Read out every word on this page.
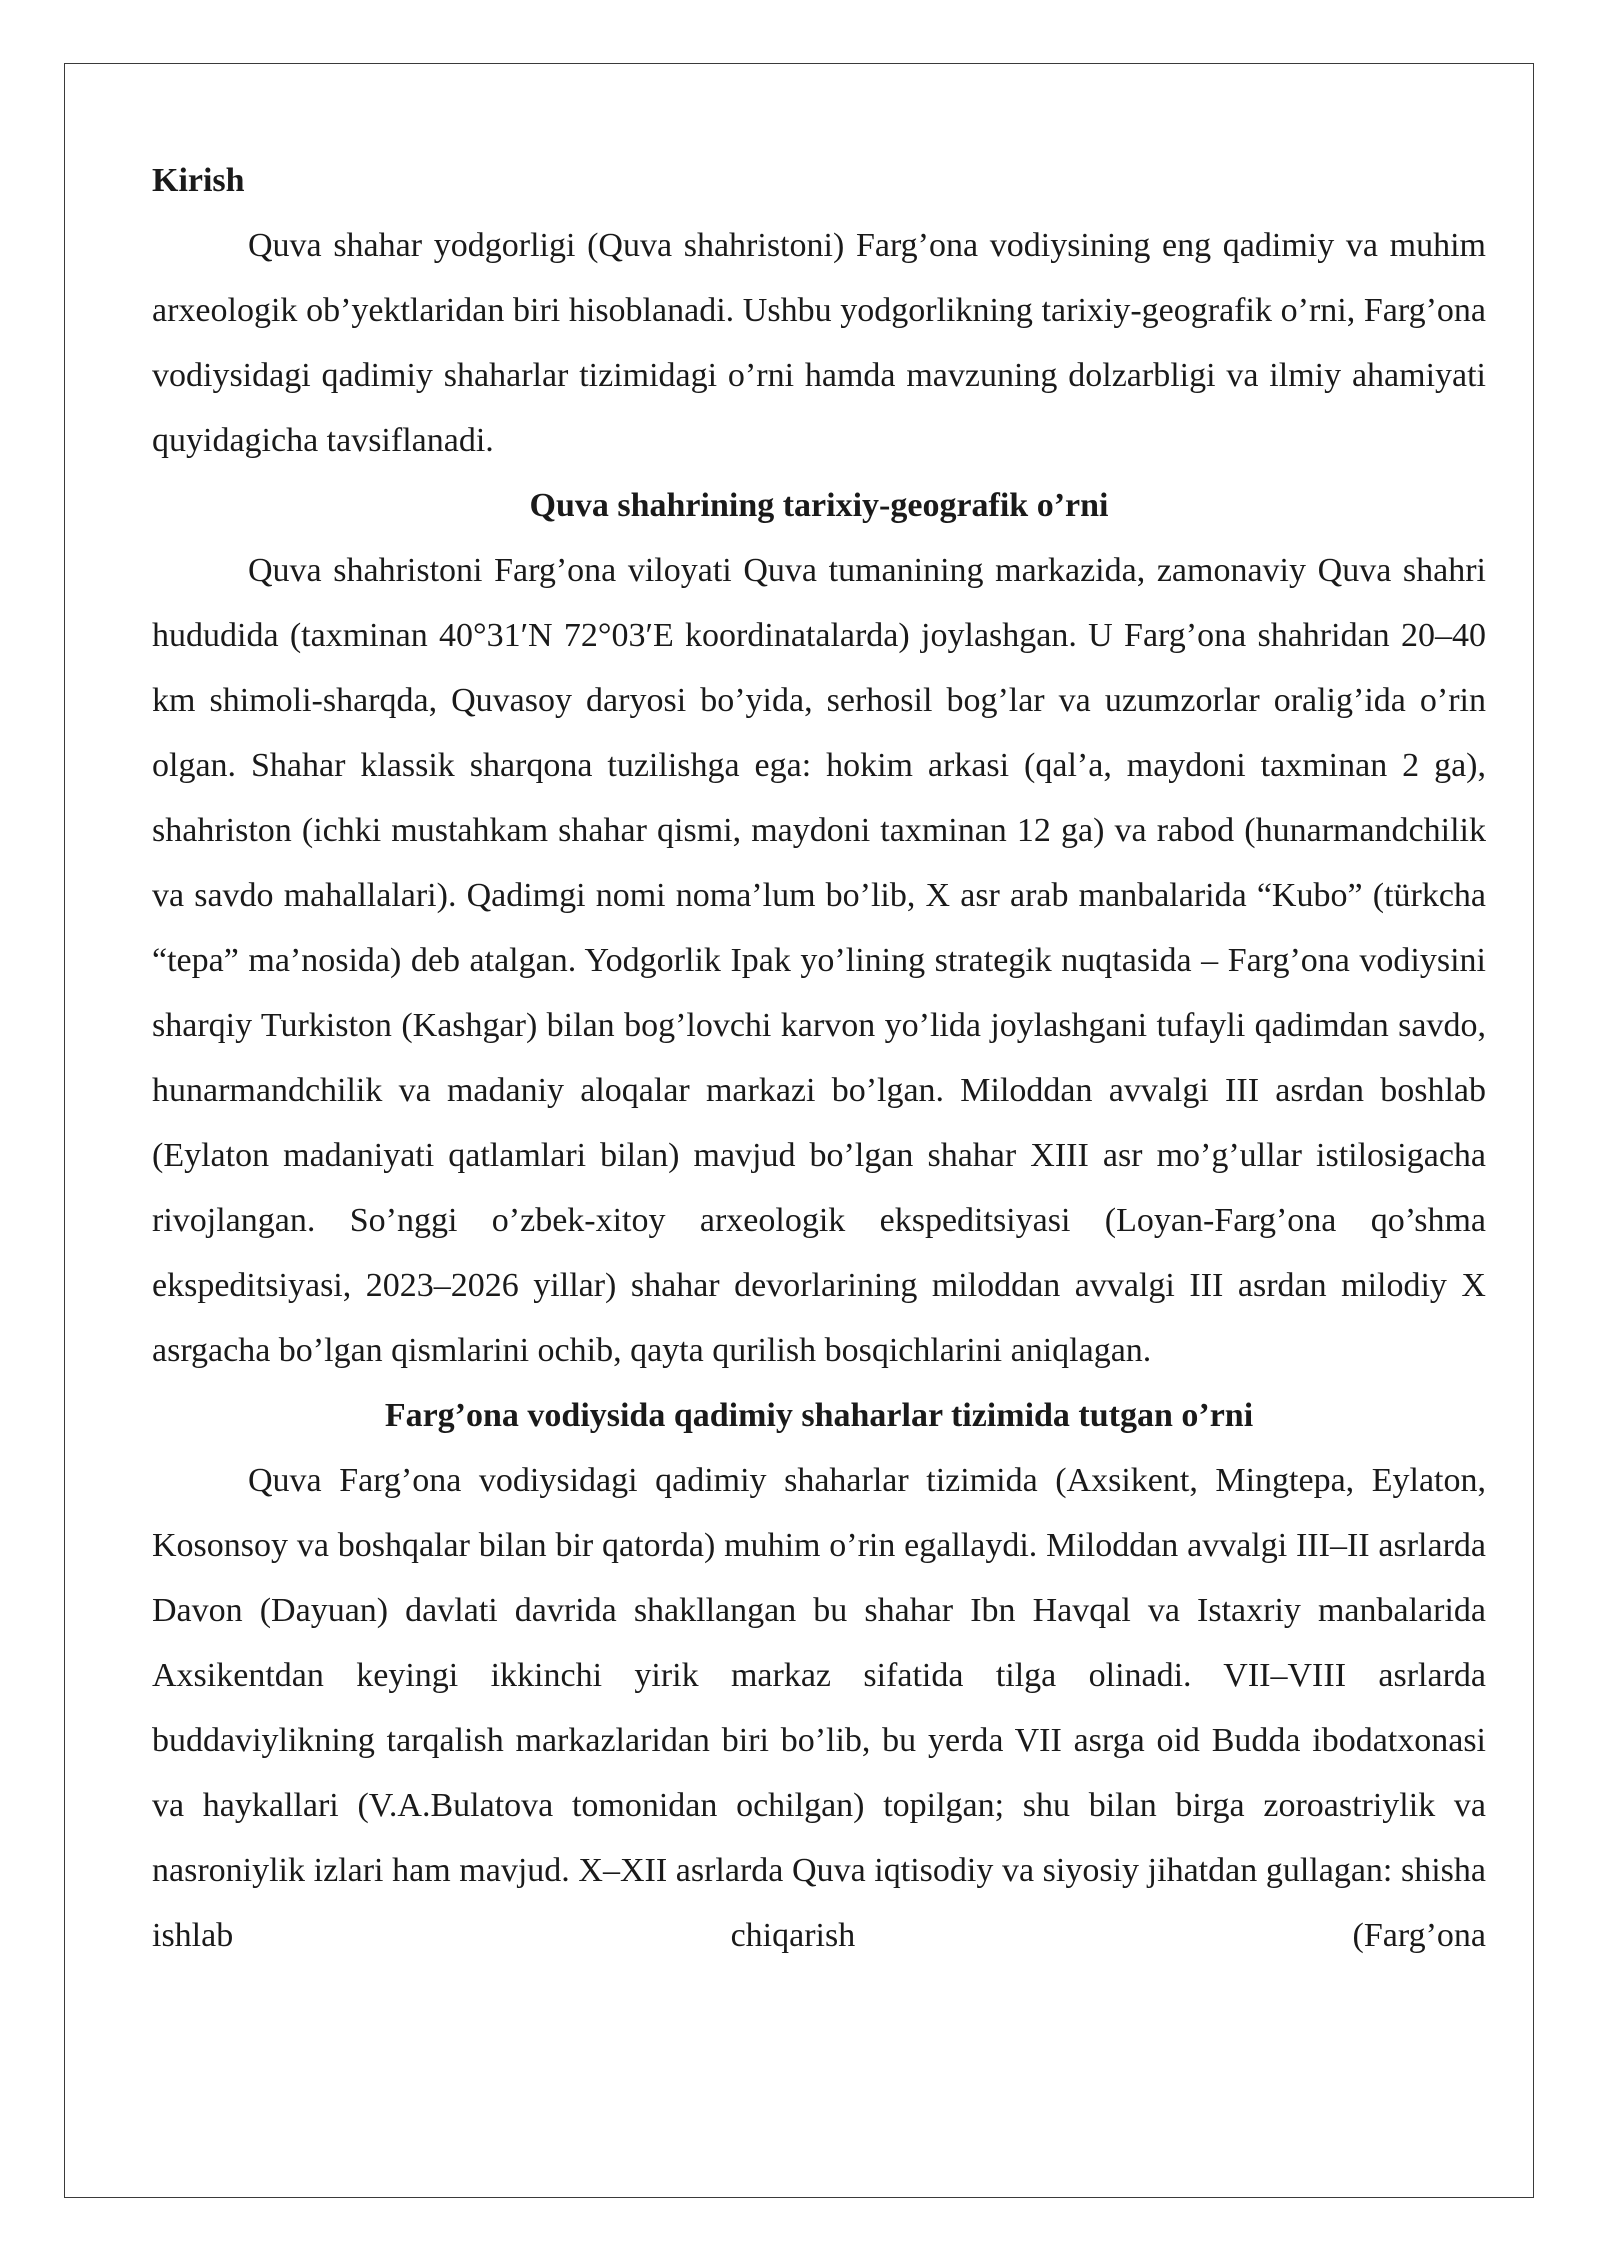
Kirish

Quva shahar yodgorligi (Quva shahristoni) Farg’ona vodiysining eng qadimiy va muhim arxeologik ob’yektlaridan biri hisoblanadi. Ushbu yodgorlikning tarixiy-geografik o’rni, Farg’ona vodiysidagi qadimiy shaharlar tizimidagi o’rni hamda mavzuning dolzarbligi va ilmiy ahamiyati quyidagicha tavsiflanadi.

Quva shahrining tarixiy-geografik o’rni

Quva shahristoni Farg’ona viloyati Quva tumanining markazida, zamonaviy Quva shahri hududida (taxminan 40°31′N 72°03′E koordinatalarda) joylashgan. U Farg’ona shahridan 20–40 km shimoli-sharqda, Quvasoy daryosi bo’yida, serhosil bog’lar va uzumzorlar oralig’ida o’rin olgan. Shahar klassik sharqona tuzilishga ega: hokim arkasi (qal’a, maydoni taxminan 2 ga), shahriston (ichki mustahkam shahar qismi, maydoni taxminan 12 ga) va rabod (hunarmandchilik va savdo mahallalari). Qadimgi nomi noma’lum bo’lib, X asr arab manbalarida “Kubo” (türkcha “tepa” ma’nosida) deb atalgan. Yodgorlik Ipak yo’lining strategik nuqtasida – Farg’ona vodiysini sharqiy Turkiston (Kashgar) bilan bog’lovchi karvon yo’lida joylashgani tufayli qadimdan savdo, hunarmandchilik va madaniy aloqalar markazi bo’lgan. Miloddan avvalgi III asrdan boshlab (Eylaton madaniyati qatlamlari bilan) mavjud bo’lgan shahar XIII asr mo’g’ullar istilosigacha rivojlangan. So’nggi o’zbek-xitoy arxeologik ekspeditsiyasi (Loyan-Farg’ona qo’shma ekspeditsiyasi, 2023–2026 yillar) shahar devorlarining miloddan avvalgi III asrdan milodiy X asrgacha bo’lgan qismlarini ochib, qayta qurilish bosqichlarini aniqlagan.

Farg’ona vodiysida qadimiy shaharlar tizimida tutgan o’rni

Quva Farg’ona vodiysidagi qadimiy shaharlar tizimida (Axsikent, Mingtepa, Eylaton, Kosonsoy va boshqalar bilan bir qatorda) muhim o’rin egallaydi. Miloddan avvalgi III–II asrlarda Davon (Dayuan) davlati davrida shakllangan bu shahar Ibn Havqal va Istaxriy manbalarida Axsikentdan keyingi ikkinchi yirik markaz sifatida tilga olinadi. VII–VIII asrlarda buddaviylikning tarqalish markazlaridan biri bo’lib, bu yerda VII asrga oid Budda ibodatxonasi va haykallari (V.A.Bulatova tomonidan ochilgan) topilgan; shu bilan birga zoroastriylik va nasroniylik izlari ham mavjud. X–XII asrlarda Quva iqtisodiy va siyosiy jihatdan gullagan: shisha ishlab chiqarish (Farg’ona
